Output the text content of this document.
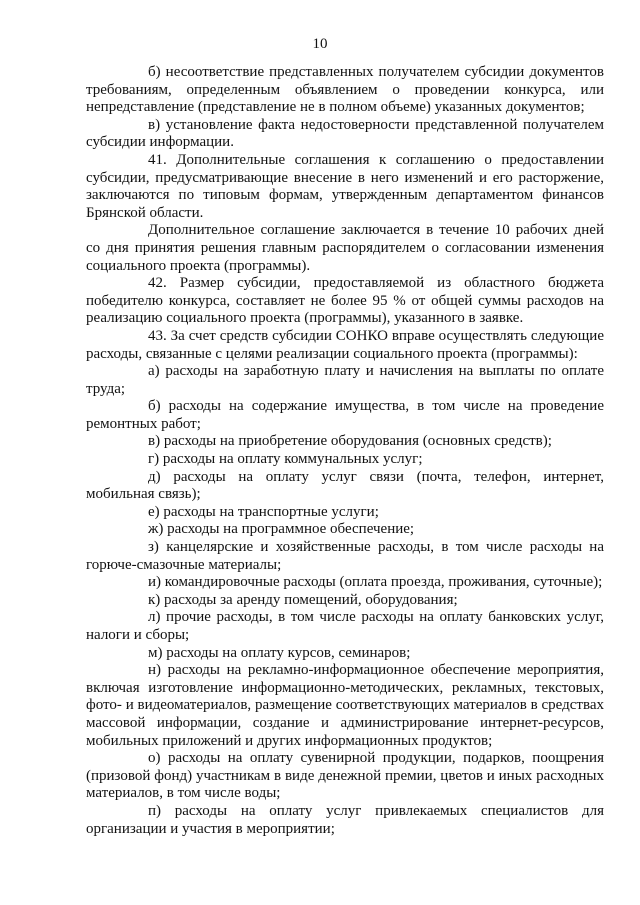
10

б) несоответствие представленных получателем субсидии документов требованиям, определенным объявлением о проведении конкурса, или непредставление (представление не в полном объеме) указанных документов;

в) установление факта недостоверности представленной получателем субсидии информации.

41. Дополнительные соглашения к соглашению о предоставлении субсидии, предусматривающие внесение в него изменений и его расторжение, заключаются по типовым формам, утвержденным департаментом финансов Брянской области.

Дополнительное соглашение заключается в течение 10 рабочих дней со дня принятия решения главным распорядителем о согласовании изменения социального проекта (программы).

42. Размер субсидии, предоставляемой из областного бюджета победителю конкурса, составляет не более 95 % от общей суммы расходов на реализацию социального проекта (программы), указанного в заявке.

43. За счет средств субсидии СОНКО вправе осуществлять следующие расходы, связанные с целями реализации социального проекта (программы):

а) расходы на заработную плату и начисления на выплаты по оплате труда;

б) расходы на содержание имущества, в том числе на проведение ремонтных работ;

в) расходы на приобретение оборудования (основных средств);

г) расходы на оплату коммунальных услуг;

д) расходы на оплату услуг связи (почта, телефон, интернет, мобильная связь);

е) расходы на транспортные услуги;

ж) расходы на программное обеспечение;

з) канцелярские и хозяйственные расходы, в том числе расходы на горюче-смазочные материалы;

и) командировочные расходы (оплата проезда, проживания, суточные);

к) расходы за аренду помещений, оборудования;

л) прочие расходы, в том числе расходы на оплату банковских услуг, налоги и сборы;

м) расходы на оплату курсов, семинаров;

н) расходы на рекламно-информационное обеспечение мероприятия, включая изготовление информационно-методических, рекламных, текстовых, фото- и видеоматериалов, размещение соответствующих материалов в средствах массовой информации, создание и администрирование интернет-ресурсов, мобильных приложений и других информационных продуктов;

о) расходы на оплату сувенирной продукции, подарков, поощрения (призовой фонд) участникам в виде денежной премии, цветов и иных расходных материалов, в том числе воды;

п) расходы на оплату услуг привлекаемых специалистов для организации и участия в мероприятии;
